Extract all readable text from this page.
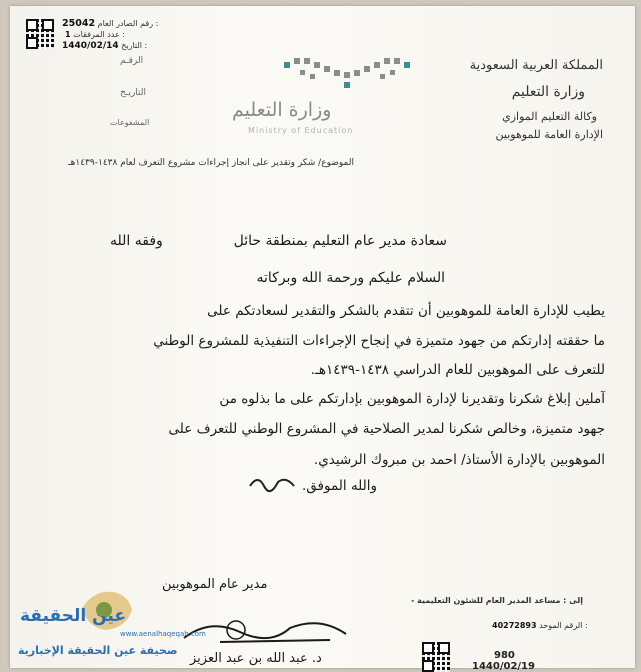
25042 رقم الصادر العام :
1 عدد المرفقات :
1440/02/14 التاريخ :
الرقـم
التاريـخ
المشفوعات
وزارة التعليم
Ministry of Education
المملكة العربية السعودية
وزارة التعليم
وكالة التعليم الموازي
الإدارة العامة للموهوبين
الموضوع/ شكر وتقدير على انجاز إجراءات مشروع التعرف لعام ١٤٣٨-١٤٣٩هـ
سعادة مدير عام التعليم بمنطقة حائل
وفقه الله
السلام عليكم ورحمة الله وبركاته
يطيب للإدارة العامة للموهوبين أن تتقدم بالشكر والتقدير لسعادتكم على
ما حققته إدارتكم من جهود متميزة في إنجاح الإجراءات التنفيذية للمشروع الوطني
للتعرف على الموهوبين للعام الدراسي ١٤٣٨-١٤٣٩هـ.
آملين إبلاغ شكرنا وتقديرنا لإدارة الموهوبين بإدارتكم على ما بذلوه من
جهود متميزة، وخالص شكرنا لمدير الصلاحية في المشروع الوطني للتعرف على
الموهوبين بالإدارة الأستاذ/ احمد بن مبروك الرشيدي.
والله الموفق.
مدير عام الموهوبين
د. عبد الله بن عبد العزيز
إلى : مساعد المدير العام للشئون التعليمية -
40272893 الرقم الموحد :
980
1440/02/19
عين الحقيقة
www.aenalhaqeqah.com
صحيفة عين الحقيقة الإخبارية
